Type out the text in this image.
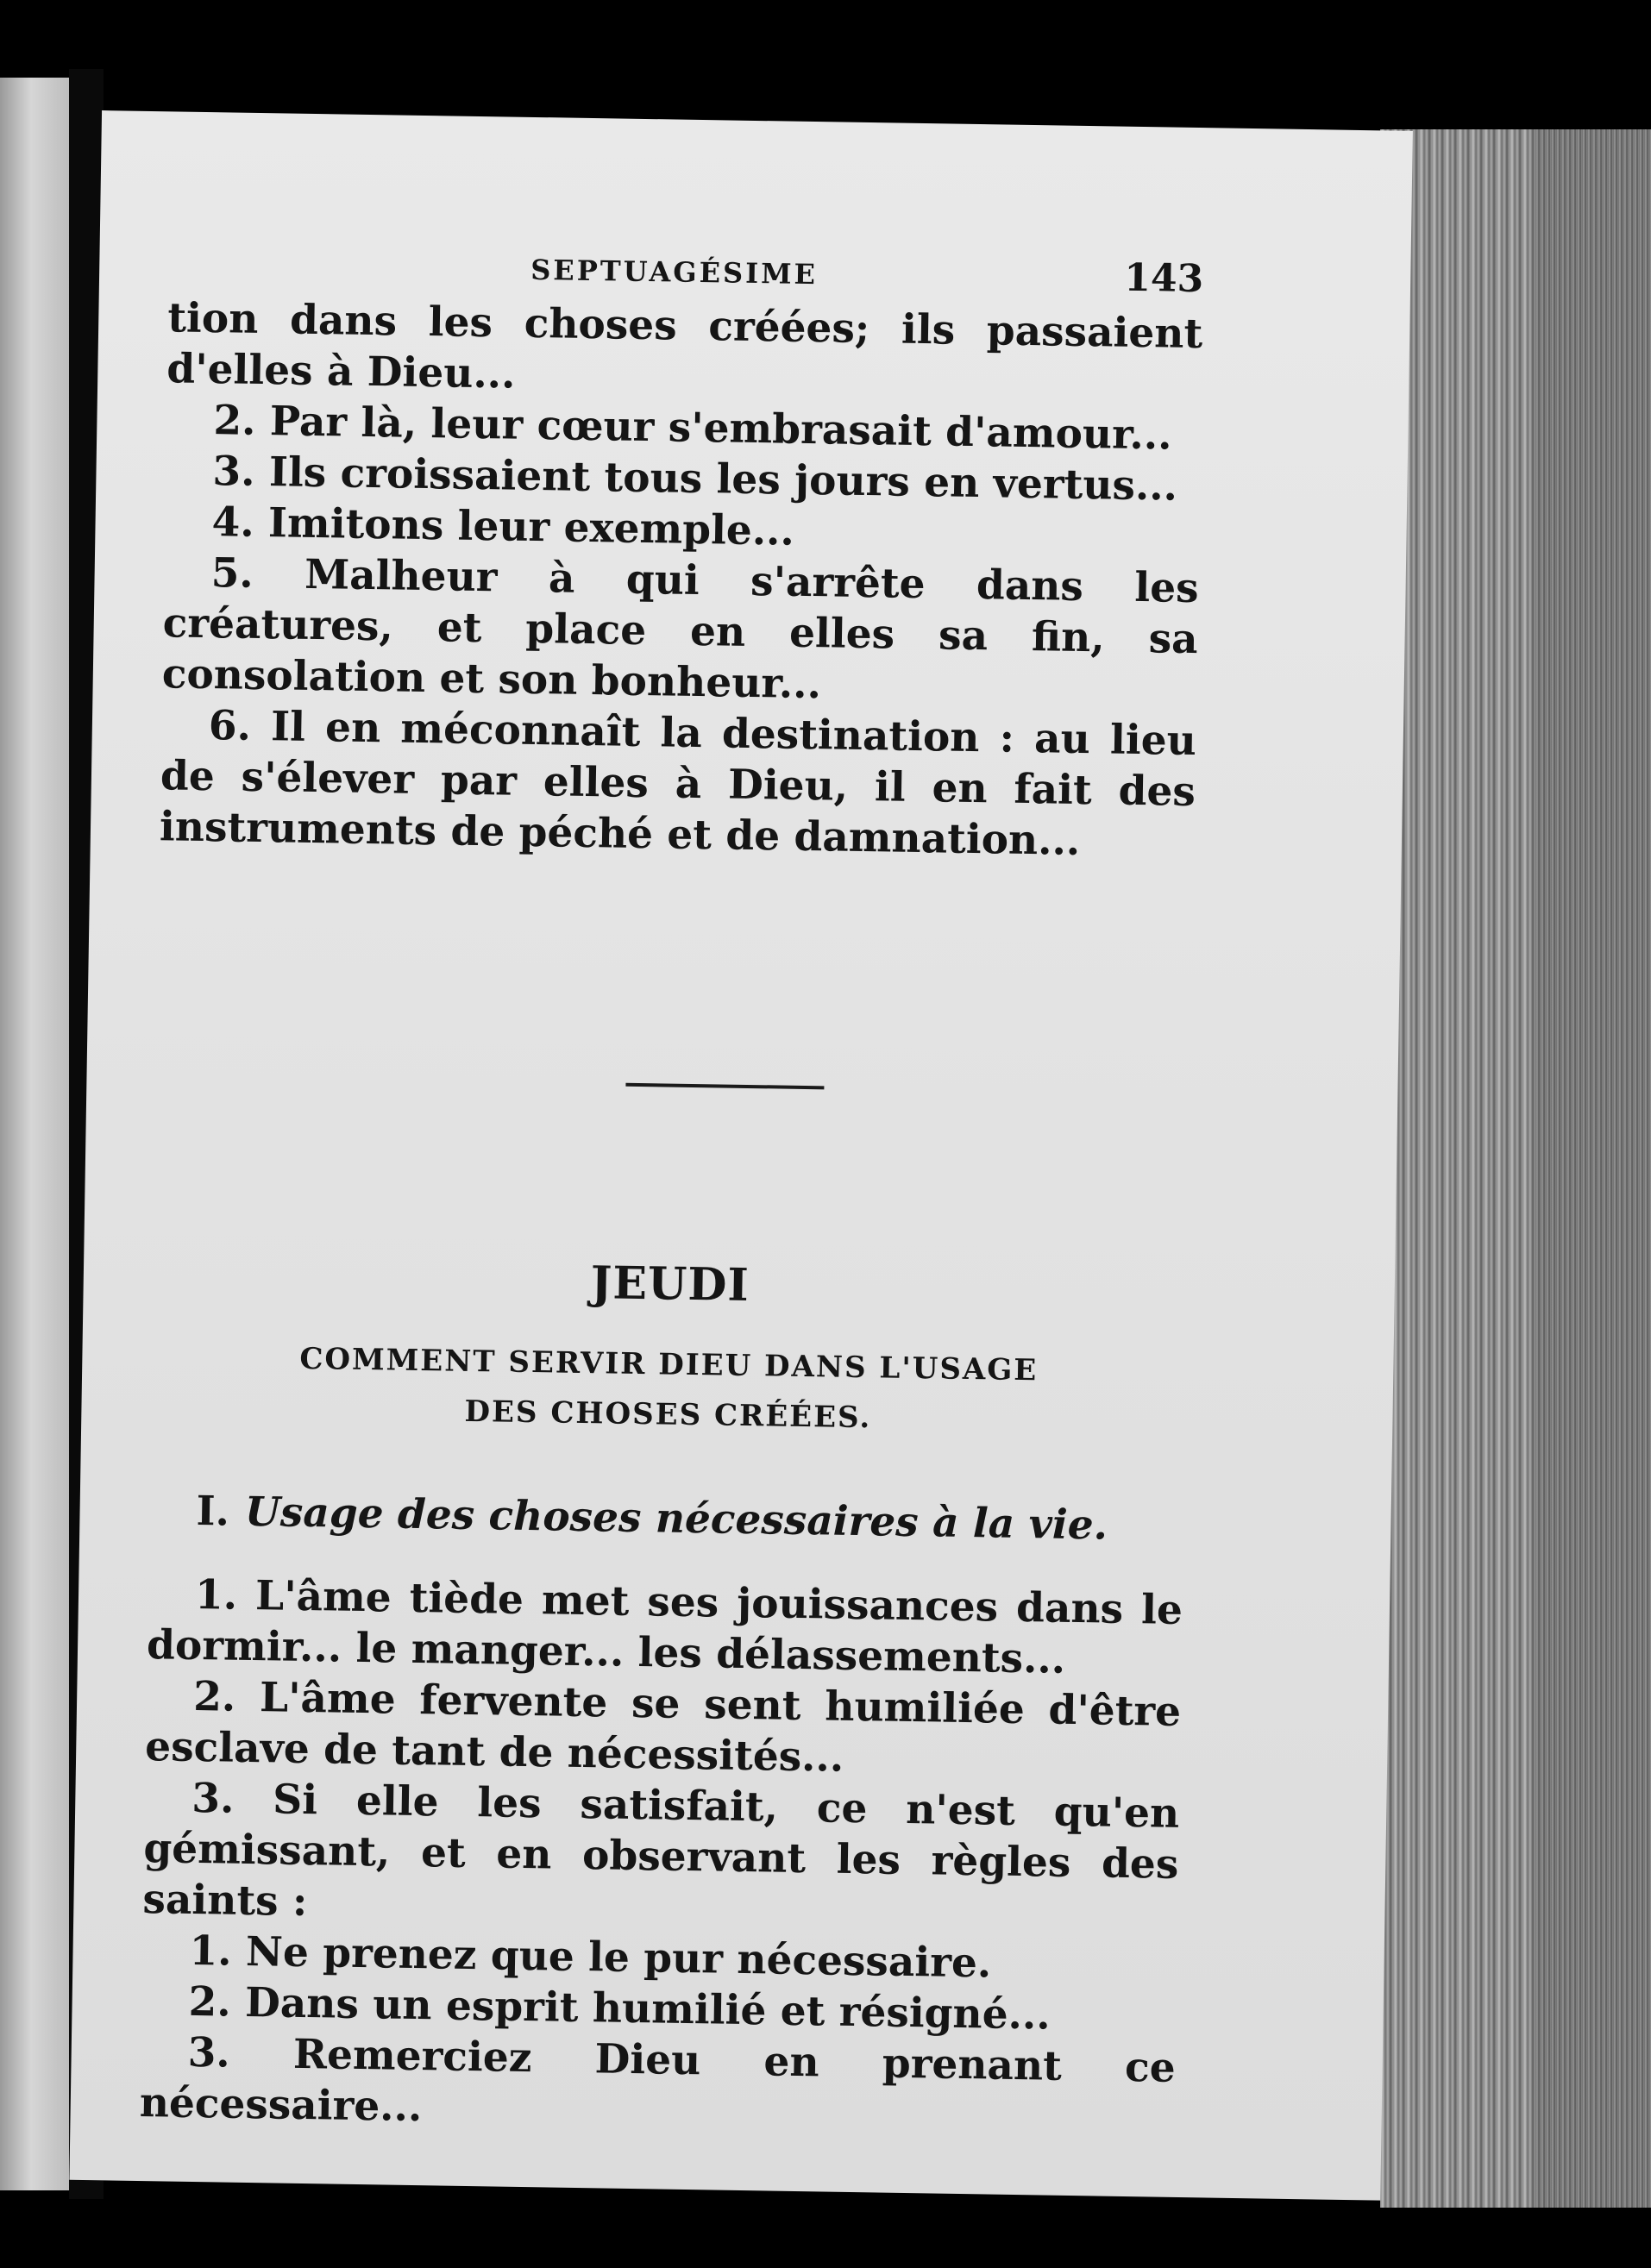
SEPTUAGÉSIME	143

tion dans les choses créées; ils passaient d'elles à Dieu...

2. Par là, leur cœur s'embrasait d'amour...

3. Ils croissaient tous les jours en vertus...

4. Imitons leur exemple...

5. Malheur à qui s'arrête dans les créatures, et place en elles sa fin, sa consolation et son bonheur...

6. Il en méconnaît la destination : au lieu de s'élever par elles à Dieu, il en fait des instruments de péché et de damnation...

JEUDI
COMMENT SERVIR DIEU DANS L'USAGE
DES CHOSES CRÉÉES.
I. Usage des choses nécessaires à la vie.

1. L'âme tiède met ses jouissances dans le dormir... le manger... les délassements...

2. L'âme fervente se sent humiliée d'être esclave de tant de nécessités...

3. Si elle les satisfait, ce n'est qu'en gémissant, et en observant les règles des saints :

1. Ne prenez que le pur nécessaire.

2. Dans un esprit humilié et résigné...

3. Remerciez Dieu en prenant ce nécessaire...
